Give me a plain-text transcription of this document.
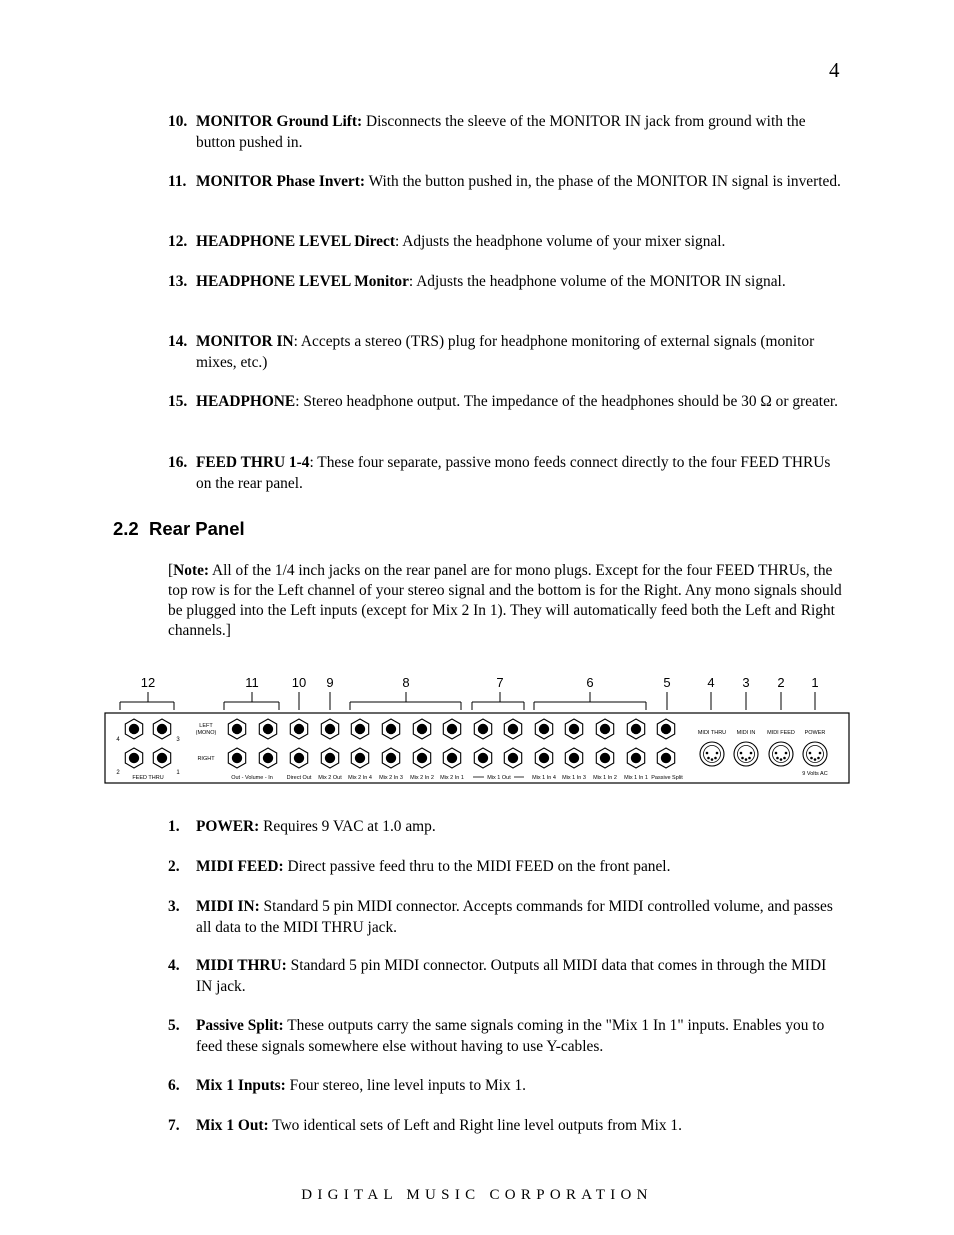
4
10. MONITOR Ground Lift: Disconnects the sleeve of the MONITOR IN jack from ground with the button pushed in.
11. MONITOR Phase Invert: With the button pushed in, the phase of the MONITOR IN signal is inverted.
12. HEADPHONE LEVEL Direct: Adjusts the headphone volume of your mixer signal.
13. HEADPHONE LEVEL Monitor: Adjusts the headphone volume of the MONITOR IN signal.
14. MONITOR IN: Accepts a stereo (TRS) plug for headphone monitoring of external signals (monitor mixes, etc.)
15. HEADPHONE: Stereo headphone output. The impedance of the headphones should be 30 Ω or greater.
16. FEED THRU 1-4: These four separate, passive mono feeds connect directly to the four FEED THRUs on the rear panel.
2.2 Rear Panel
[Note: All of the 1/4 inch jacks on the rear panel are for mono plugs. Except for the four FEED THRUs, the top row is for the Left channel of your stereo signal and the bottom is for the Right. Any mono signals should be plugged into the Left inputs (except for Mix 2 In 1). They will automatically feed both the Left and Right channels.]
12	11	10 9	8	7	6	5	4 3 2 1
4	3
2	1
FEED THRU
LEFT
(MONO)
RIGHT
Out - Volume - In	Direct Out Mix 2 Out Mix 2 In 4 Mix 2 In 3 Mix 2 In 2 Mix 2 In 1	Mix 1 Out	Mix 1 In 4 Mix 1 In 3 Mix 1 In 2 Mix 1 In 1 Passive Split
MIDI THRU MIDI IN MIDI FEED POWER
9 Volts AC
1. POWER: Requires 9 VAC at 1.0 amp.
2. MIDI FEED: Direct passive feed thru to the MIDI FEED on the front panel.
3. MIDI IN: Standard 5 pin MIDI connector. Accepts commands for MIDI controlled volume, and passes all data to the MIDI THRU jack.
4. MIDI THRU: Standard 5 pin MIDI connector. Outputs all MIDI data that comes in through the MIDI IN jack.
5. Passive Split: These outputs carry the same signals coming in the "Mix 1 In 1" inputs. Enables you to feed these signals somewhere else without having to use Y-cables.
6. Mix 1 Inputs: Four stereo, line level inputs to Mix 1.
7. Mix 1 Out: Two identical sets of Left and Right line level outputs from Mix 1.
DIGITAL MUSIC CORPORATION
